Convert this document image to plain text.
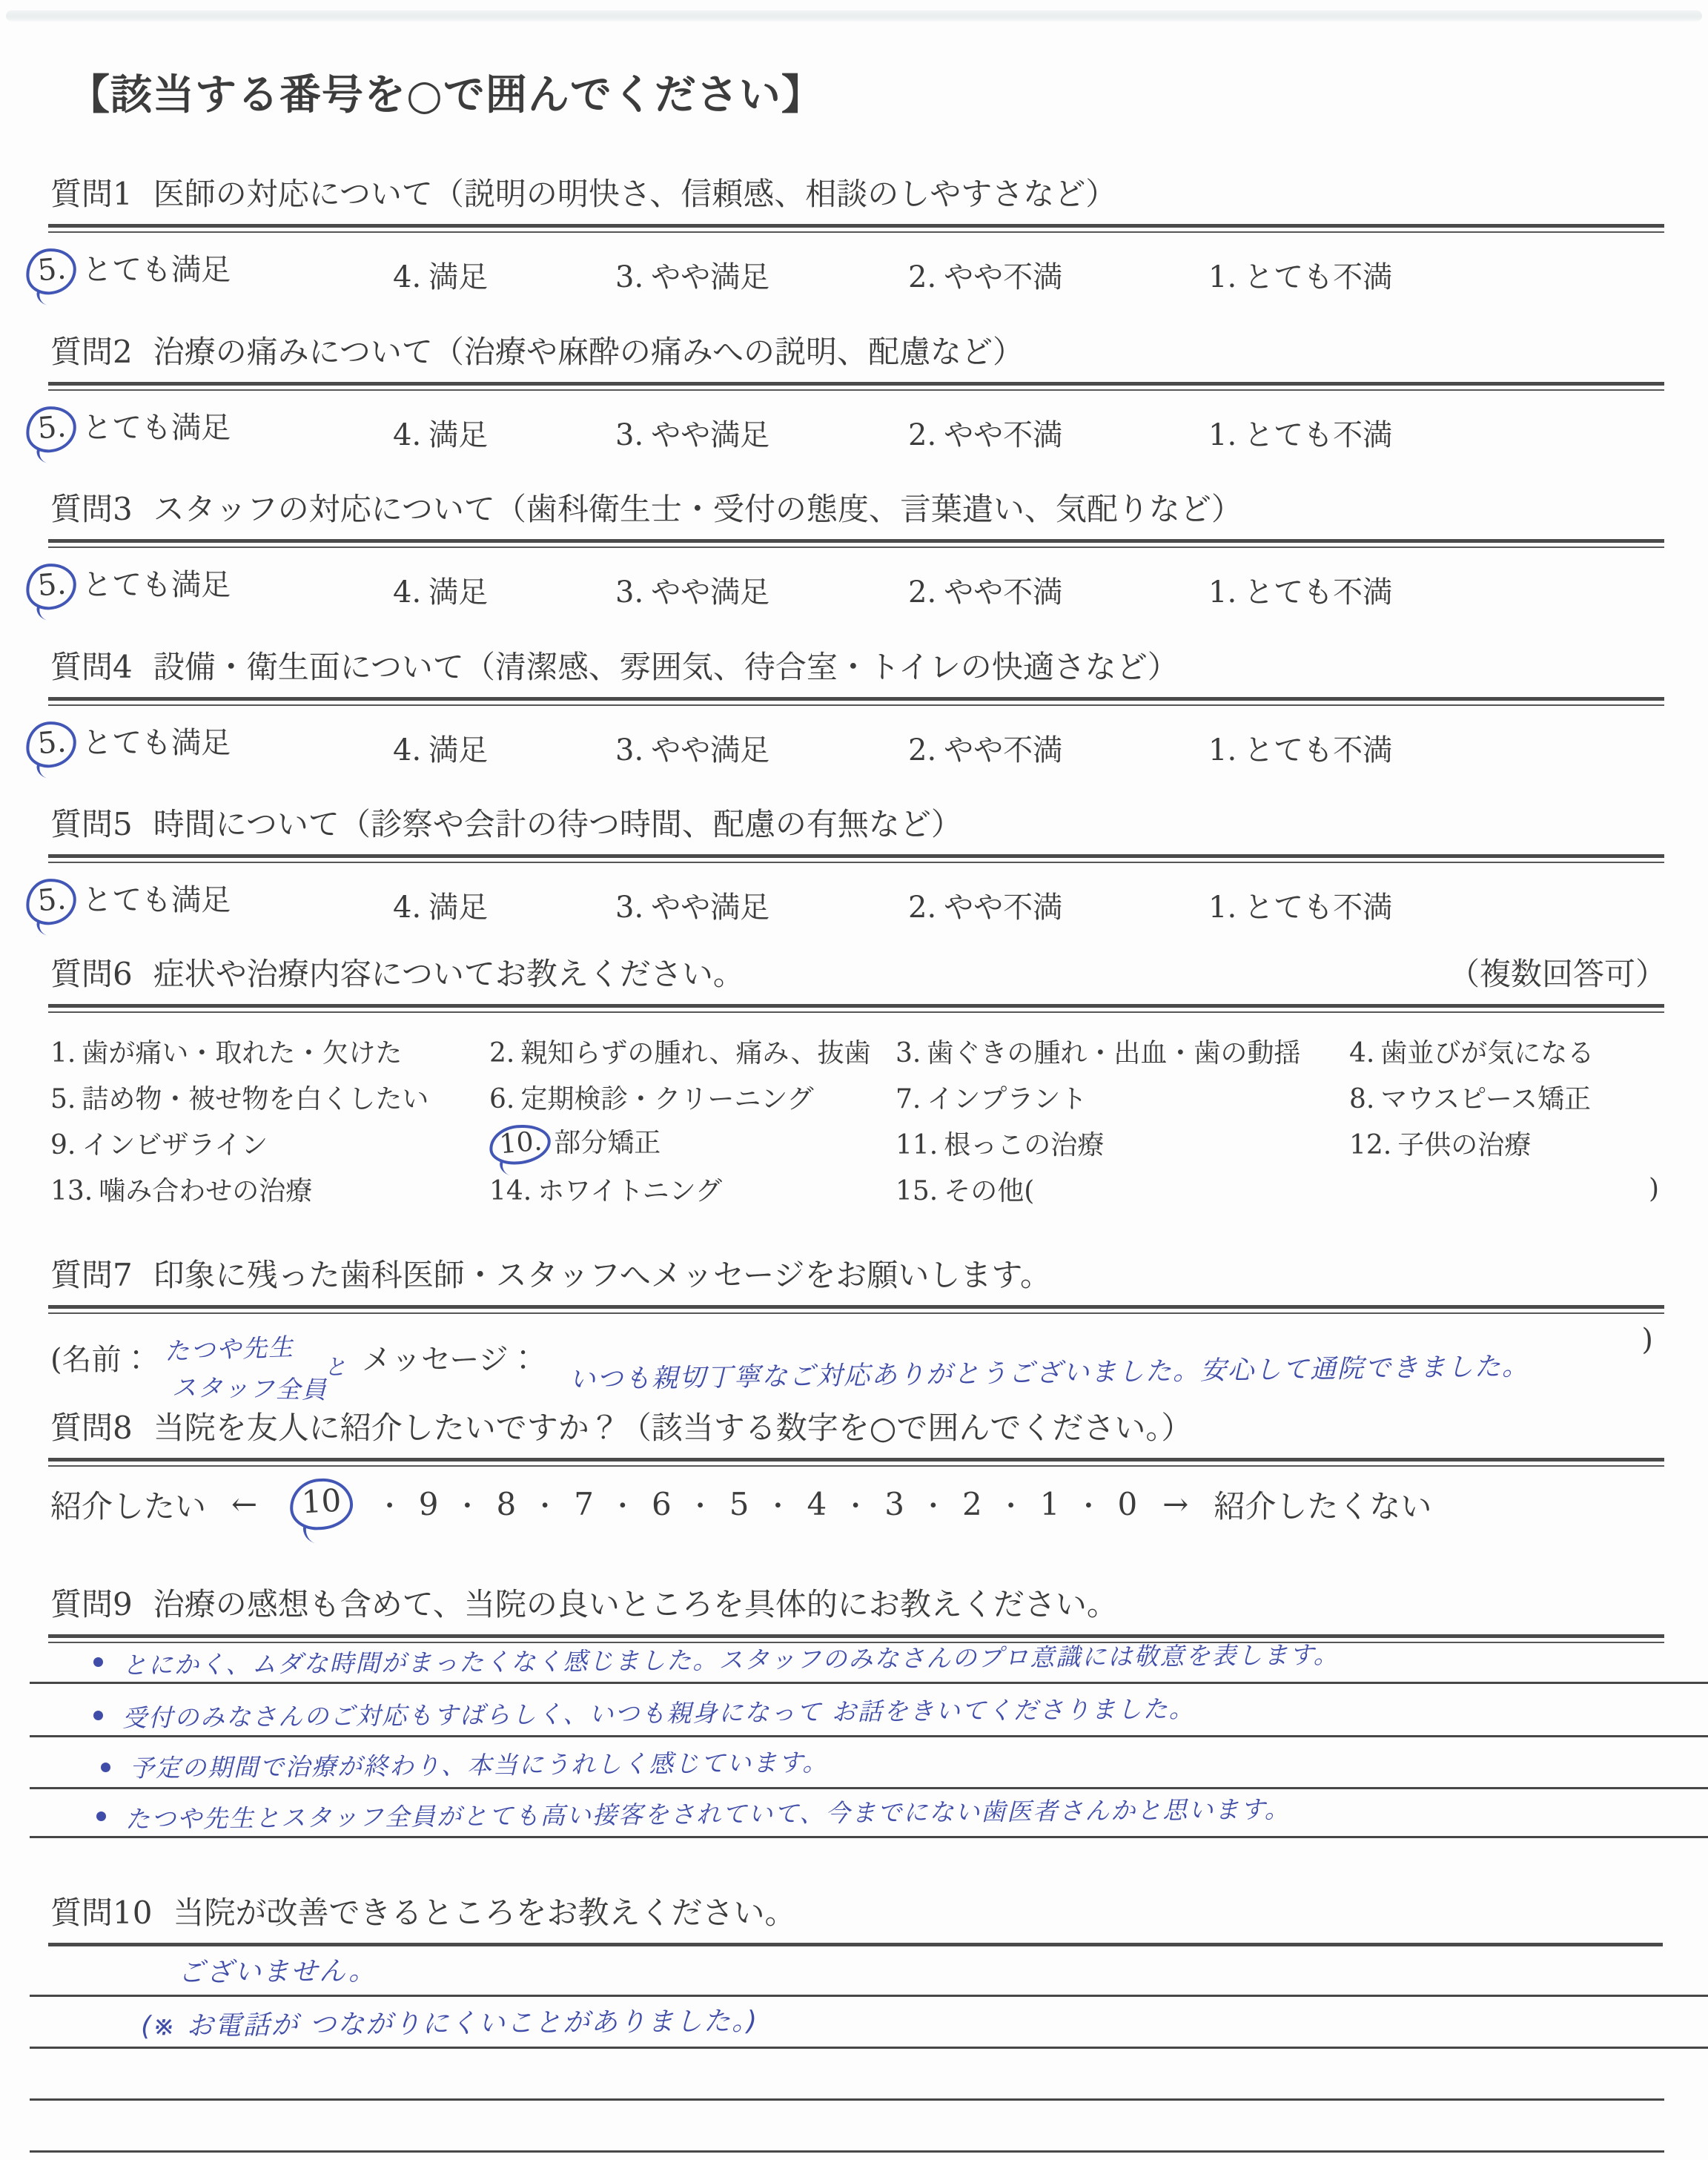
【該当する番号を○で囲んでください】
質問1 医師の対応について（説明の明快さ、信頼感、相談のしやすさなど）
5. とても満足	4. 満足	3. やや満足	2. やや不満	1. とても不満
質問2 治療の痛みについて（治療や麻酔の痛みへの説明、配慮など）
5. とても満足	4. 満足	3. やや満足	2. やや不満	1. とても不満
質問3 スタッフの対応について（歯科衛生士・受付の態度、言葉遣い、気配りなど）
5. とても満足	4. 満足	3. やや満足	2. やや不満	1. とても不満
質問4 設備・衛生面について（清潔感、雰囲気、待合室・トイレの快適さなど）
5. とても満足	4. 満足	3. やや満足	2. やや不満	1. とても不満
質問5 時間について（診察や会計の待つ時間、配慮の有無など）
5. とても満足	4. 満足	3. やや満足	2. やや不満	1. とても不満
（複数回答可）
質問6 症状や治療内容についてお教えください。
1. 歯が痛い・取れた・欠けた	2. 親知らずの腫れ、痛み、抜歯 3. 歯ぐきの腫れ・出血・歯の動揺	4. 歯並びが気になる
5. 詰め物・被せ物を白くしたい	6. 定期検診・クリーニング	7. インプラント	8. マウスピース矯正
9. インビザライン	10. 部分矯正	11. 根っこの治療	12. 子供の治療
13. 噛み合わせの治療	14. ホワイトニング	15. その他(	)
質問7 印象に残った歯科医師・スタッフへメッセージをお願いします。
(名前： たつや先生
と
スタッフ全員
メッセージ： いつも親切丁寧なご対応ありがとうございました。安心して通院できました。
)
質問8 当院を友人に紹介したいですか？（該当する数字を○で囲んでください。）
紹介したい ←	10	・ 9 ・ 8 ・ 7 ・ 6 ・ 5 ・ 4 ・ 3 ・ 2 ・ 1 ・ 0 → 紹介したくない
質問9 治療の感想も含めて、当院の良いところを具体的にお教えください。
とにかく、ムダな時間がまったくなく感じました。スタッフのみなさんのプロ意識には敬意を表します。
受付のみなさんのご対応もすばらしく、いつも親身になって お話をきいてくださりました。
予定の期間で治療が終わり、本当にうれしく感じています。
たつや先生とスタッフ全員がとても高い接客をされていて、今までにない歯医者さんかと思います。
質問10 当院が改善できるところをお教えください。
ございません。
(※ お電話が つながりにくいことがありました。)
